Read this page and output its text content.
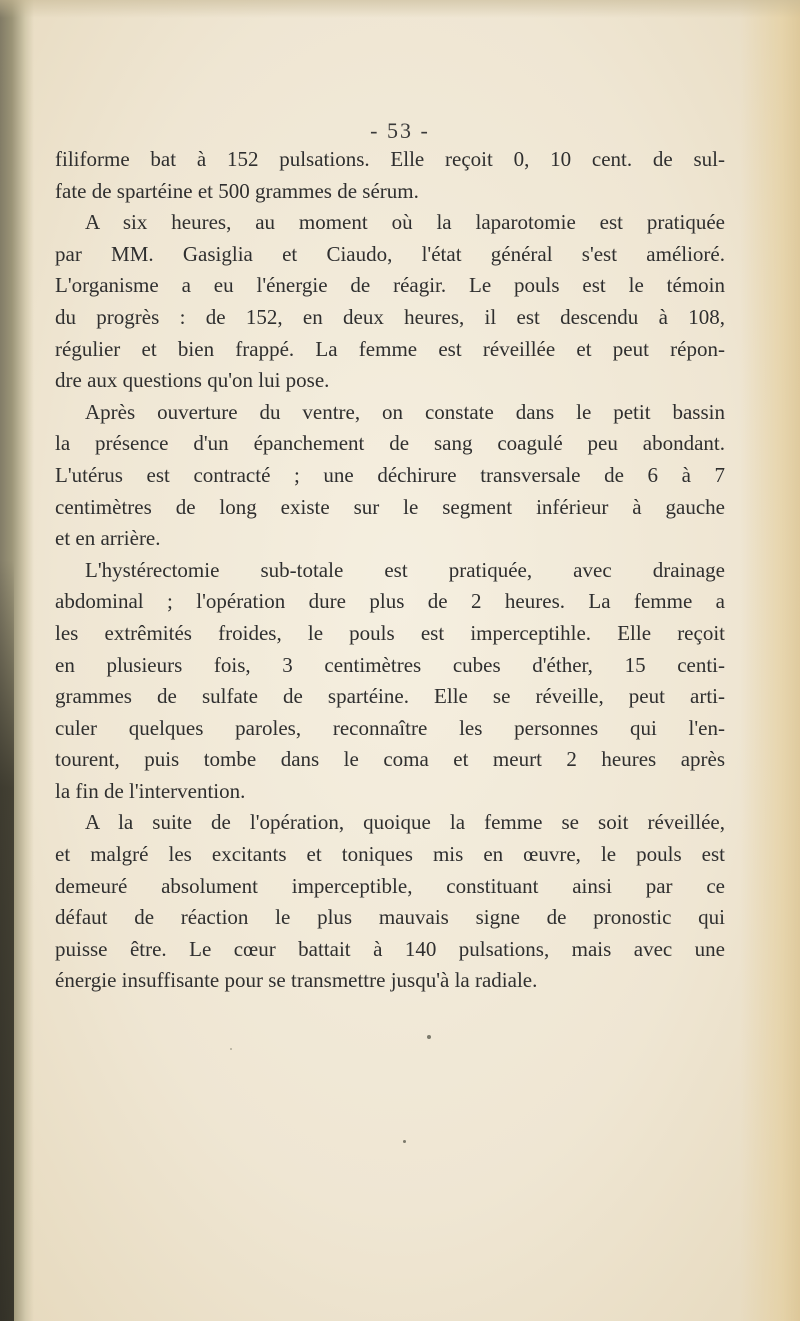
- 53 -
filiforme bat à 152 pulsations. Elle reçoit 0, 10 cent. de sul-
fate de spartéine et 500 grammes de sérum.
A six heures, au moment où la laparotomie est pratiquée
par MM. Gasiglia et Ciaudo, l'état général s'est amélioré.
L'organisme a eu l'énergie de réagir. Le pouls est le témoin
du progrès : de 152, en deux heures, il est descendu à 108,
régulier et bien frappé. La femme est réveillée et peut répon-
dre aux questions qu'on lui pose.
Après ouverture du ventre, on constate dans le petit bassin
la présence d'un épanchement de sang coagulé peu abondant.
L'utérus est contracté ; une déchirure transversale de 6 à 7
centimètres de long existe sur le segment inférieur à gauche
et en arrière.
L'hystérectomie sub-totale est pratiquée, avec drainage
abdominal ; l'opération dure plus de 2 heures. La femme a
les extrêmités froides, le pouls est imperceptihle. Elle reçoit
en plusieurs fois, 3 centimètres cubes d'éther, 15 centi-
grammes de sulfate de spartéine. Elle se réveille, peut arti-
culer quelques paroles, reconnaître les personnes qui l'en-
tourent, puis tombe dans le coma et meurt 2 heures après
la fin de l'intervention.
A la suite de l'opération, quoique la femme se soit réveillée,
et malgré les excitants et toniques mis en œuvre, le pouls est
demeuré absolument imperceptible, constituant ainsi par ce
défaut de réaction le plus mauvais signe de pronostic qui
puisse être. Le cœur battait à 140 pulsations, mais avec une
énergie insuffisante pour se transmettre jusqu'à la radiale.
